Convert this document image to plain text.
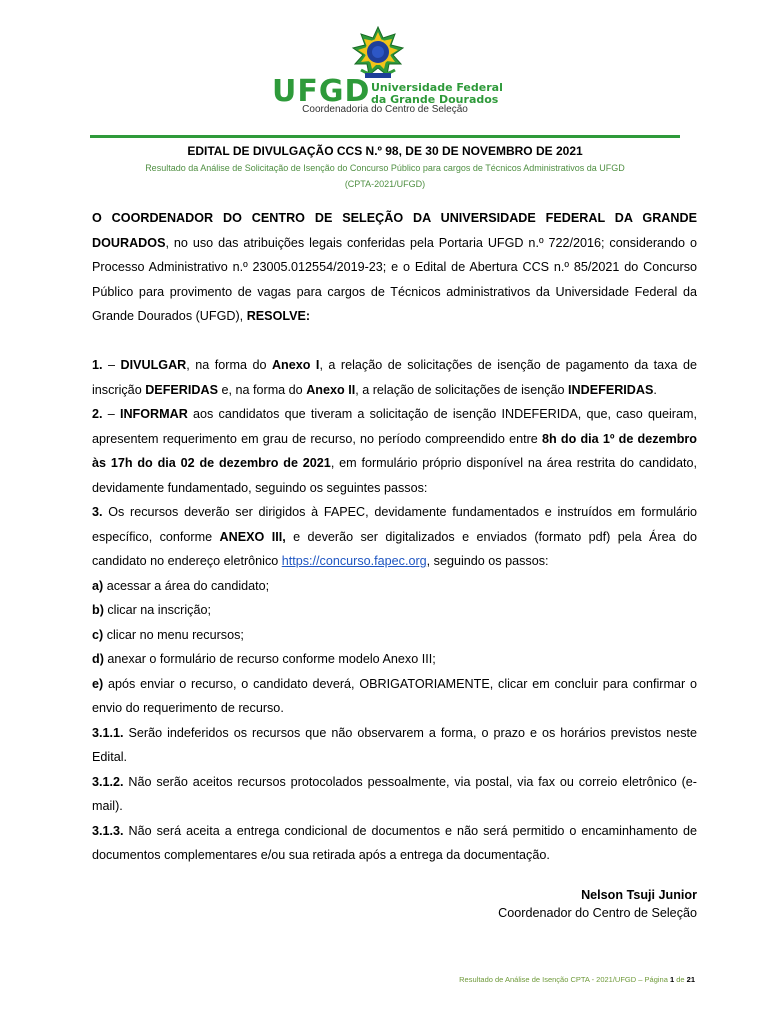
UFGD Universidade Federal
da Grande Dourados
Coordenadoria do Centro de Seleção
EDITAL DE DIVULGAÇÃO CCS N.º 98, DE 30 DE NOVEMBRO DE 2021
Resultado da Análise de Solicitação de Isenção do Concurso Público para cargos de Técnicos Administrativos da UFGD
(CPTA-2021/UFGD)

O COORDENADOR DO CENTRO DE SELEÇÃO DA UNIVERSIDADE FEDERAL DA GRANDE DOURADOS, no uso das atribuições legais conferidas pela Portaria UFGD n.º 722/2016; considerando o Processo Administrativo n.º 23005.012554/2019-23; e o Edital de Abertura CCS n.º 85/2021 do Concurso Público para provimento de vagas para cargos de Técnicos administrativos da Universidade Federal da Grande Dourados (UFGD), RESOLVE:

1. – DIVULGAR, na forma do Anexo I, a relação de solicitações de isenção de pagamento da taxa de inscrição DEFERIDAS e, na forma do Anexo II, a relação de solicitações de isenção INDEFERIDAS.

2. – INFORMAR aos candidatos que tiveram a solicitação de isenção INDEFERIDA, que, caso queiram, apresentem requerimento em grau de recurso, no período compreendido entre 8h do dia 1º de dezembro às 17h do dia 02 de dezembro de 2021, em formulário próprio disponível na área restrita do candidato, devidamente fundamentado, seguindo os seguintes passos:

3. Os recursos deverão ser dirigidos à FAPEC, devidamente fundamentados e instruídos em formulário específico, conforme ANEXO III, e deverão ser digitalizados e enviados (formato pdf) pela Área do candidato no endereço eletrônico https://concurso.fapec.org, seguindo os passos:

a) acessar a área do candidato;

b) clicar na inscrição;

c) clicar no menu recursos;

d) anexar o formulário de recurso conforme modelo Anexo III;

e) após enviar o recurso, o candidato deverá, OBRIGATORIAMENTE, clicar em concluir para confirmar o envio do requerimento de recurso.

3.1.1. Serão indeferidos os recursos que não observarem a forma, o prazo e os horários previstos neste Edital.

3.1.2. Não serão aceitos recursos protocolados pessoalmente, via postal, via fax ou correio eletrônico (e-mail).

3.1.3. Não será aceita a entrega condicional de documentos e não será permitido o encaminhamento de documentos complementares e/ou sua retirada após a entrega da documentação.

Nelson Tsuji Junior
Coordenador do Centro de Seleção
Resultado de Análise de Isenção CPTA - 2021/UFGD – Página 1 de 21
